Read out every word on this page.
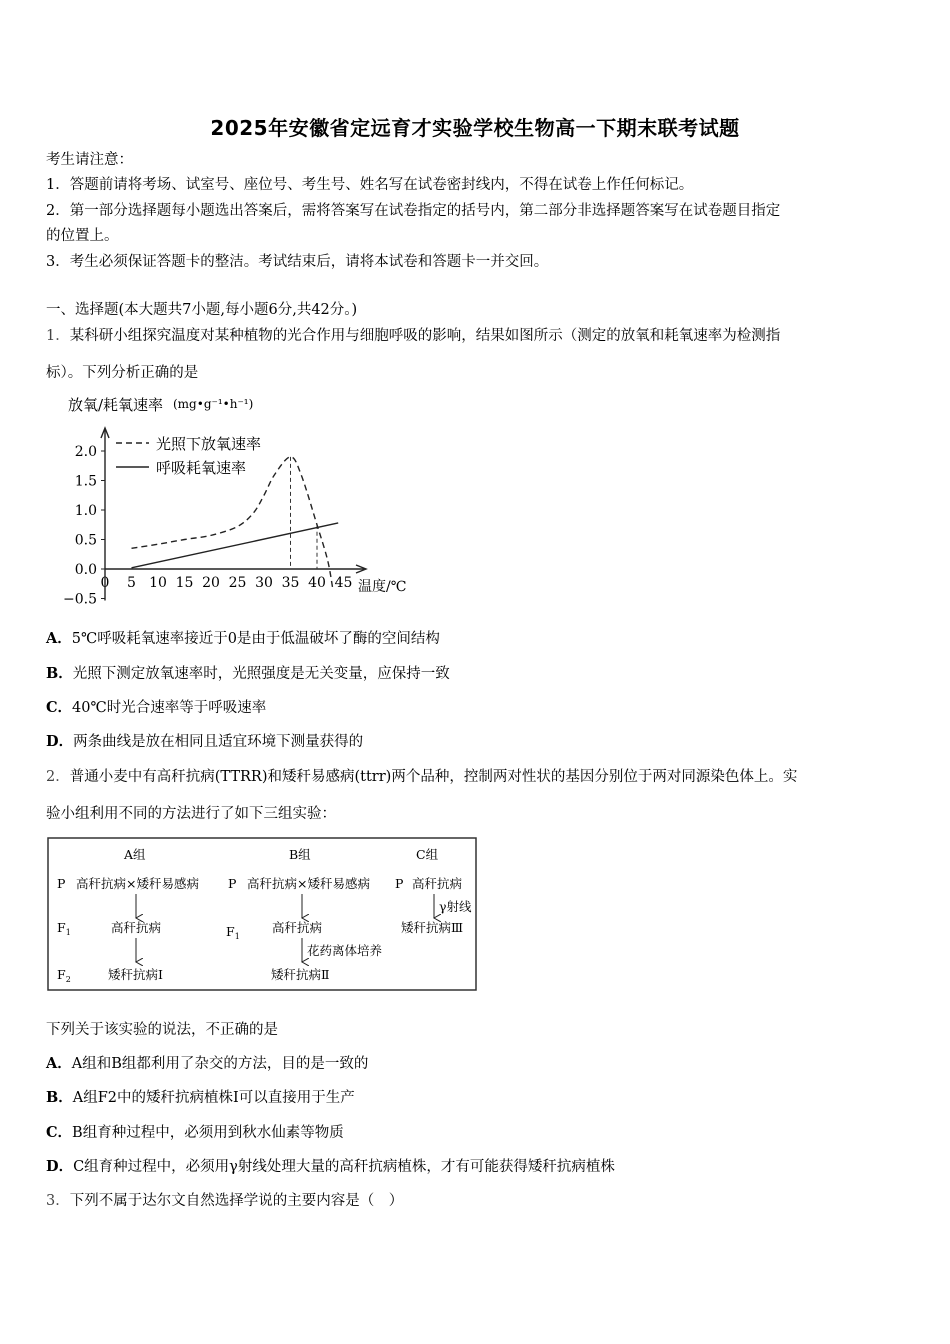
2025年安徽省定远育才实验学校生物高一下期末联考试题
考生请注意：
1．答题前请将考场、试室号、座位号、考生号、姓名写在试卷密封线内，不得在试卷上作任何标记。
2．第一部分选择题每小题选出答案后，需将答案写在试卷指定的括号内，第二部分非选择题答案写在试卷题目指定
的位置上。
3．考生必须保证答题卡的整洁。考试结束后，请将本试卷和答题卡一并交回。
一、选择题(本大题共7小题,每小题6分,共42分。)
1．某科研小组探究温度对某种植物的光合作用与细胞呼吸的影响，结果如图所示（测定的放氧和耗氧速率为检测指
标）。下列分析正确的是
放氧/耗氧速率 (mg•g⁻¹•h⁻¹)
2.0
1.5
1.0
0.5
0.0
−0.5
0 5 10 15 20 25 30 35 40 45
光照下放氧速率
呼吸耗氧速率
温度/℃
A．5℃呼吸耗氧速率接近于0是由于低温破坏了酶的空间结构
B．光照下测定放氧速率时，光照强度是无关变量，应保持一致
C．40℃时光合速率等于呼吸速率
D．两条曲线是放在相同且适宜环境下测量获得的
2．普通小麦中有高秆抗病(TTRR)和矮秆易感病(ttrr)两个品种，控制两对性状的基因分别位于两对同源染色体上。实
验小组利用不同的方法进行了如下三组实验：
A组	B组	C组
P 高秆抗病×矮秆易感病 P 高秆抗病×矮秆易感病 P 高秆抗病
γ射线
$F_1$	高秆抗病	$F_1$
高秆抗病	矮秆抗病Ⅲ
花药离体培养
$F_2$	矮秆抗病Ⅰ	矮秆抗病Ⅱ
下列关于该实验的说法，不正确的是
A．A组和B组都利用了杂交的方法，目的是一致的
B．A组F2中的矮秆抗病植株Ⅰ可以直接用于生产
C．B组育种过程中，必须用到秋水仙素等物质
D．C组育种过程中，必须用γ射线处理大量的高秆抗病植株，才有可能获得矮秆抗病植株
3．下列不属于达尔文自然选择学说的主要内容是（　）
